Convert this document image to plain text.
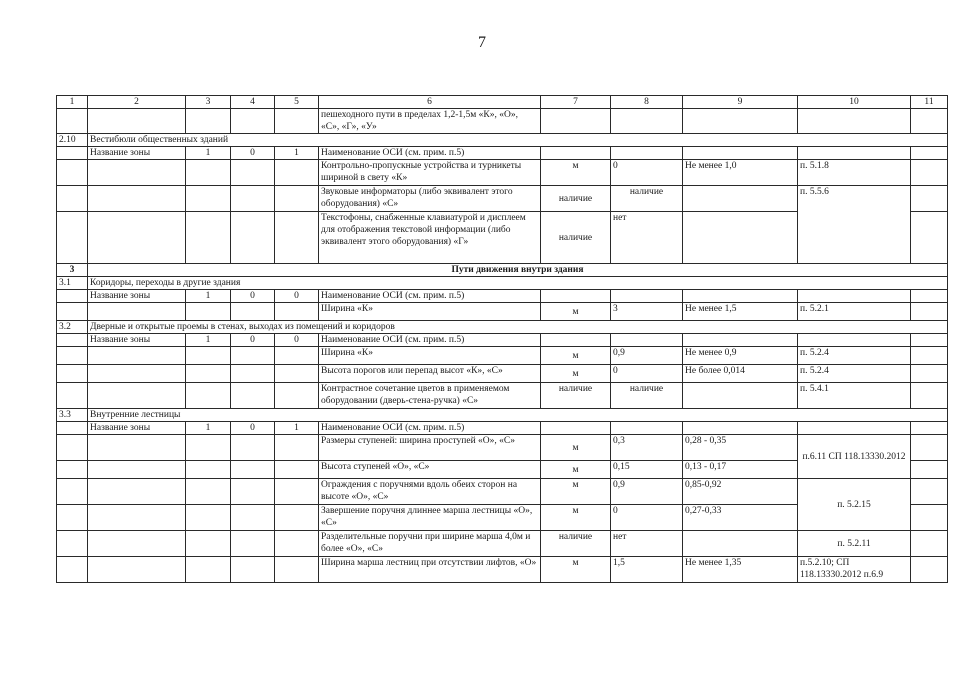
7
1	2	3	4	5	6	7	8	9	10	11
					пешеходного пути в пределах 1,2-1,5м «К», «О», «С», «Г», «У»					
2.10	Вестибюли общественных зданий									
	Название зоны	1	0	1	Наименование ОСИ (см. прим. п.5)					
					Контрольно-пропускные устройства и турникеты шириной в свету «К»	м	0	Не менее 1,0	п. 5.1.8	
					Звуковые информаторы (либо эквивалент этого оборудования) «С»	наличие	наличие		п. 5.5.6	
					Текстофоны, снабженные клавиатурой и дисплеем для отображения текстовой информации (либо эквивалент этого оборудования) «Г»	наличие	нет			
3	Пути движения внутри здания									
3.1	Коридоры, переходы в другие здания									
	Название зоны	1	0	0	Наименование ОСИ (см. прим. п.5)					
					Ширина «К»	м	3	Не менее 1,5	п. 5.2.1	
3.2	Дверные и открытые проемы в стенах, выходах из помещений и коридоров									
	Название зоны	1	0	0	Наименование ОСИ (см. прим. п.5)					
					Ширина «К»	м	0,9	Не менее 0,9	п. 5.2.4	
					Высота порогов или перепад высот «К», «С»	м	0	Не более 0,014	п. 5.2.4	
					Контрастное сочетание цветов в применяемом оборудовании (дверь-стена-ручка) «С»	наличие	наличие		п. 5.4.1	
3.3	Внутренние лестницы									
	Название зоны	1	0	1	Наименование ОСИ (см. прим. п.5)					
					Размеры ступеней: ширина проступей «О», «С»	м	0,3	0,28 - 0,35	п.6.11 СП 118.13330.2012	
					Высота ступеней «О», «С»	м	0,15	0,13 - 0,17		
					Ограждения с поручнями вдоль обеих сторон на высоте «О», «С»	м	0,9	0,85-0,92	п. 5.2.15	
					Завершение поручня длиннее марша лестницы «О», «С»	м	0	0,27-0,33		
					Разделительные поручни при ширине марша 4,0м и более «О», «С»	наличие	нет		п. 5.2.11	
					Ширина марша лестниц при отсутствии лифтов, «О»	м	1,5	Не менее 1,35	п.5.2.10; СП 118.13330.2012 п.6.9	
